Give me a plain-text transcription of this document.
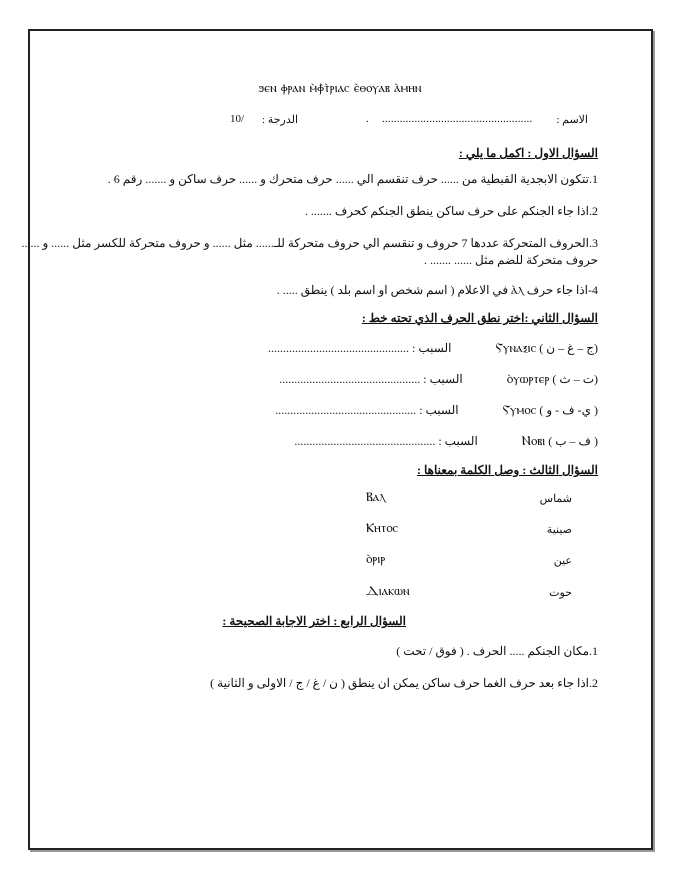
ϧⲉⲛ ⲫⲣⲁⲛ ⲙ̀ⲫ̀ⲧ̀ⲣⲓⲁⲥ ⲉ̀ⲑⲟⲩⲁⲃ ⲁ̀ⲙⲏⲛ
الاسم :
...................................................
.
الدرجة :
10/
السؤال الاول : اكمل ما يلي :
1.تتكون الابجدية القبطية من ...... حرف تنقسم الي ...... حرف متحرك و ...... حرف ساكن و ....... رقم 6 .
2.اذا جاء الجنكم على حرف ساكن ينطق الجنكم كحرف ....... .
3.الحروف المتحركة عددها 7 حروف و تنقسم الي حروف متحركة للـ...... مثل ...... و حروف متحركة للكسر مثل ...... و ......
حروف متحركة للضم مثل ...... ....... .
4-اذا جاء حرف ⲁ̀ⲗ في الاعلام ( اسم شخص او اسم بلد ) ينطق ..... .
السؤال الثاني :اختر نطق الحرف الذي تحته خط :
(ج – غ – ن ) Ⲋⲩⲛⲁⲝⲓⲥ  السبب : ...............................................
(ت – ث ) ⲟ̀ⲩⲱⲣⲧⲉⲣ  السبب : ...............................................
( ي- ف - و ) Ⲋⲩⲙⲟⲥ  السبب : ...............................................
( ف – ب ) Ⲛⲟⲃⲓ  السبب : ...............................................
السؤال الثالث : وصل الكلمة بمعناها :
Ⲃⲁⲗ
Ⲕⲏⲧⲟⲥ
ⲟ̀ⲣⲓⲣ
Ⲇⲓⲁⲕⲱⲛ
شماس
صينية
عين
حوت
السؤال الرابع : اختر الاجابة الصحيحة :
1.مكان الجنكم ..... الحرف . ( فوق / تحت )
2.اذا جاء بعد حرف الغما حرف ساكن يمكن ان ينطق ( ن / غ / ج / الاولى و الثانية )
